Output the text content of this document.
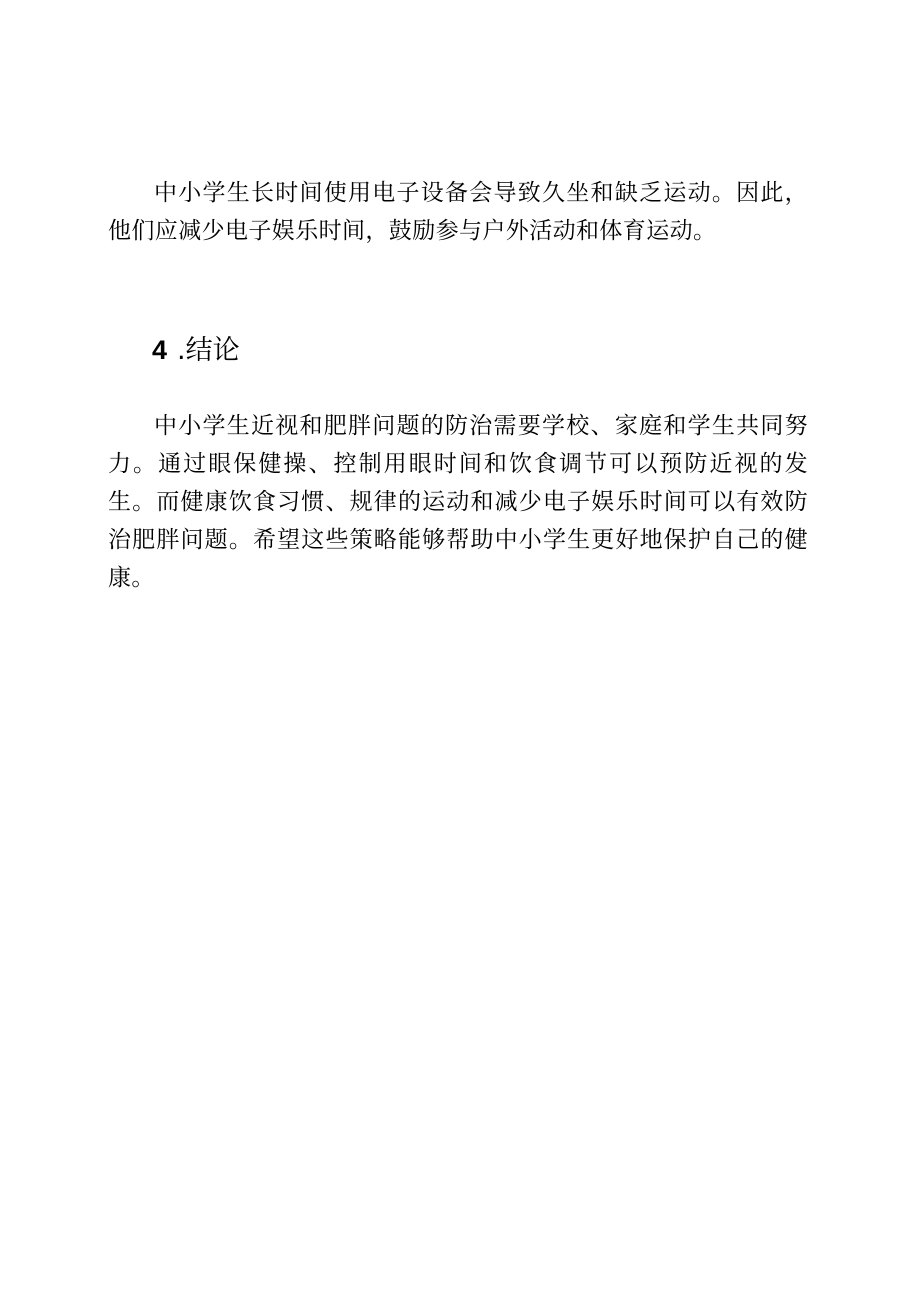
中小学生长时间使用电子设备会导致久坐和缺乏运动。因此，他们应减少电子娱乐时间，鼓励参与户外活动和体育运动。

4 .结论

中小学生近视和肥胖问题的防治需要学校、家庭和学生共同努力。通过眼保健操、控制用眼时间和饮食调节可以预防近视的发生。而健康饮食习惯、规律的运动和减少电子娱乐时间可以有效防治肥胖问题。希望这些策略能够帮助中小学生更好地保护自己的健康。
